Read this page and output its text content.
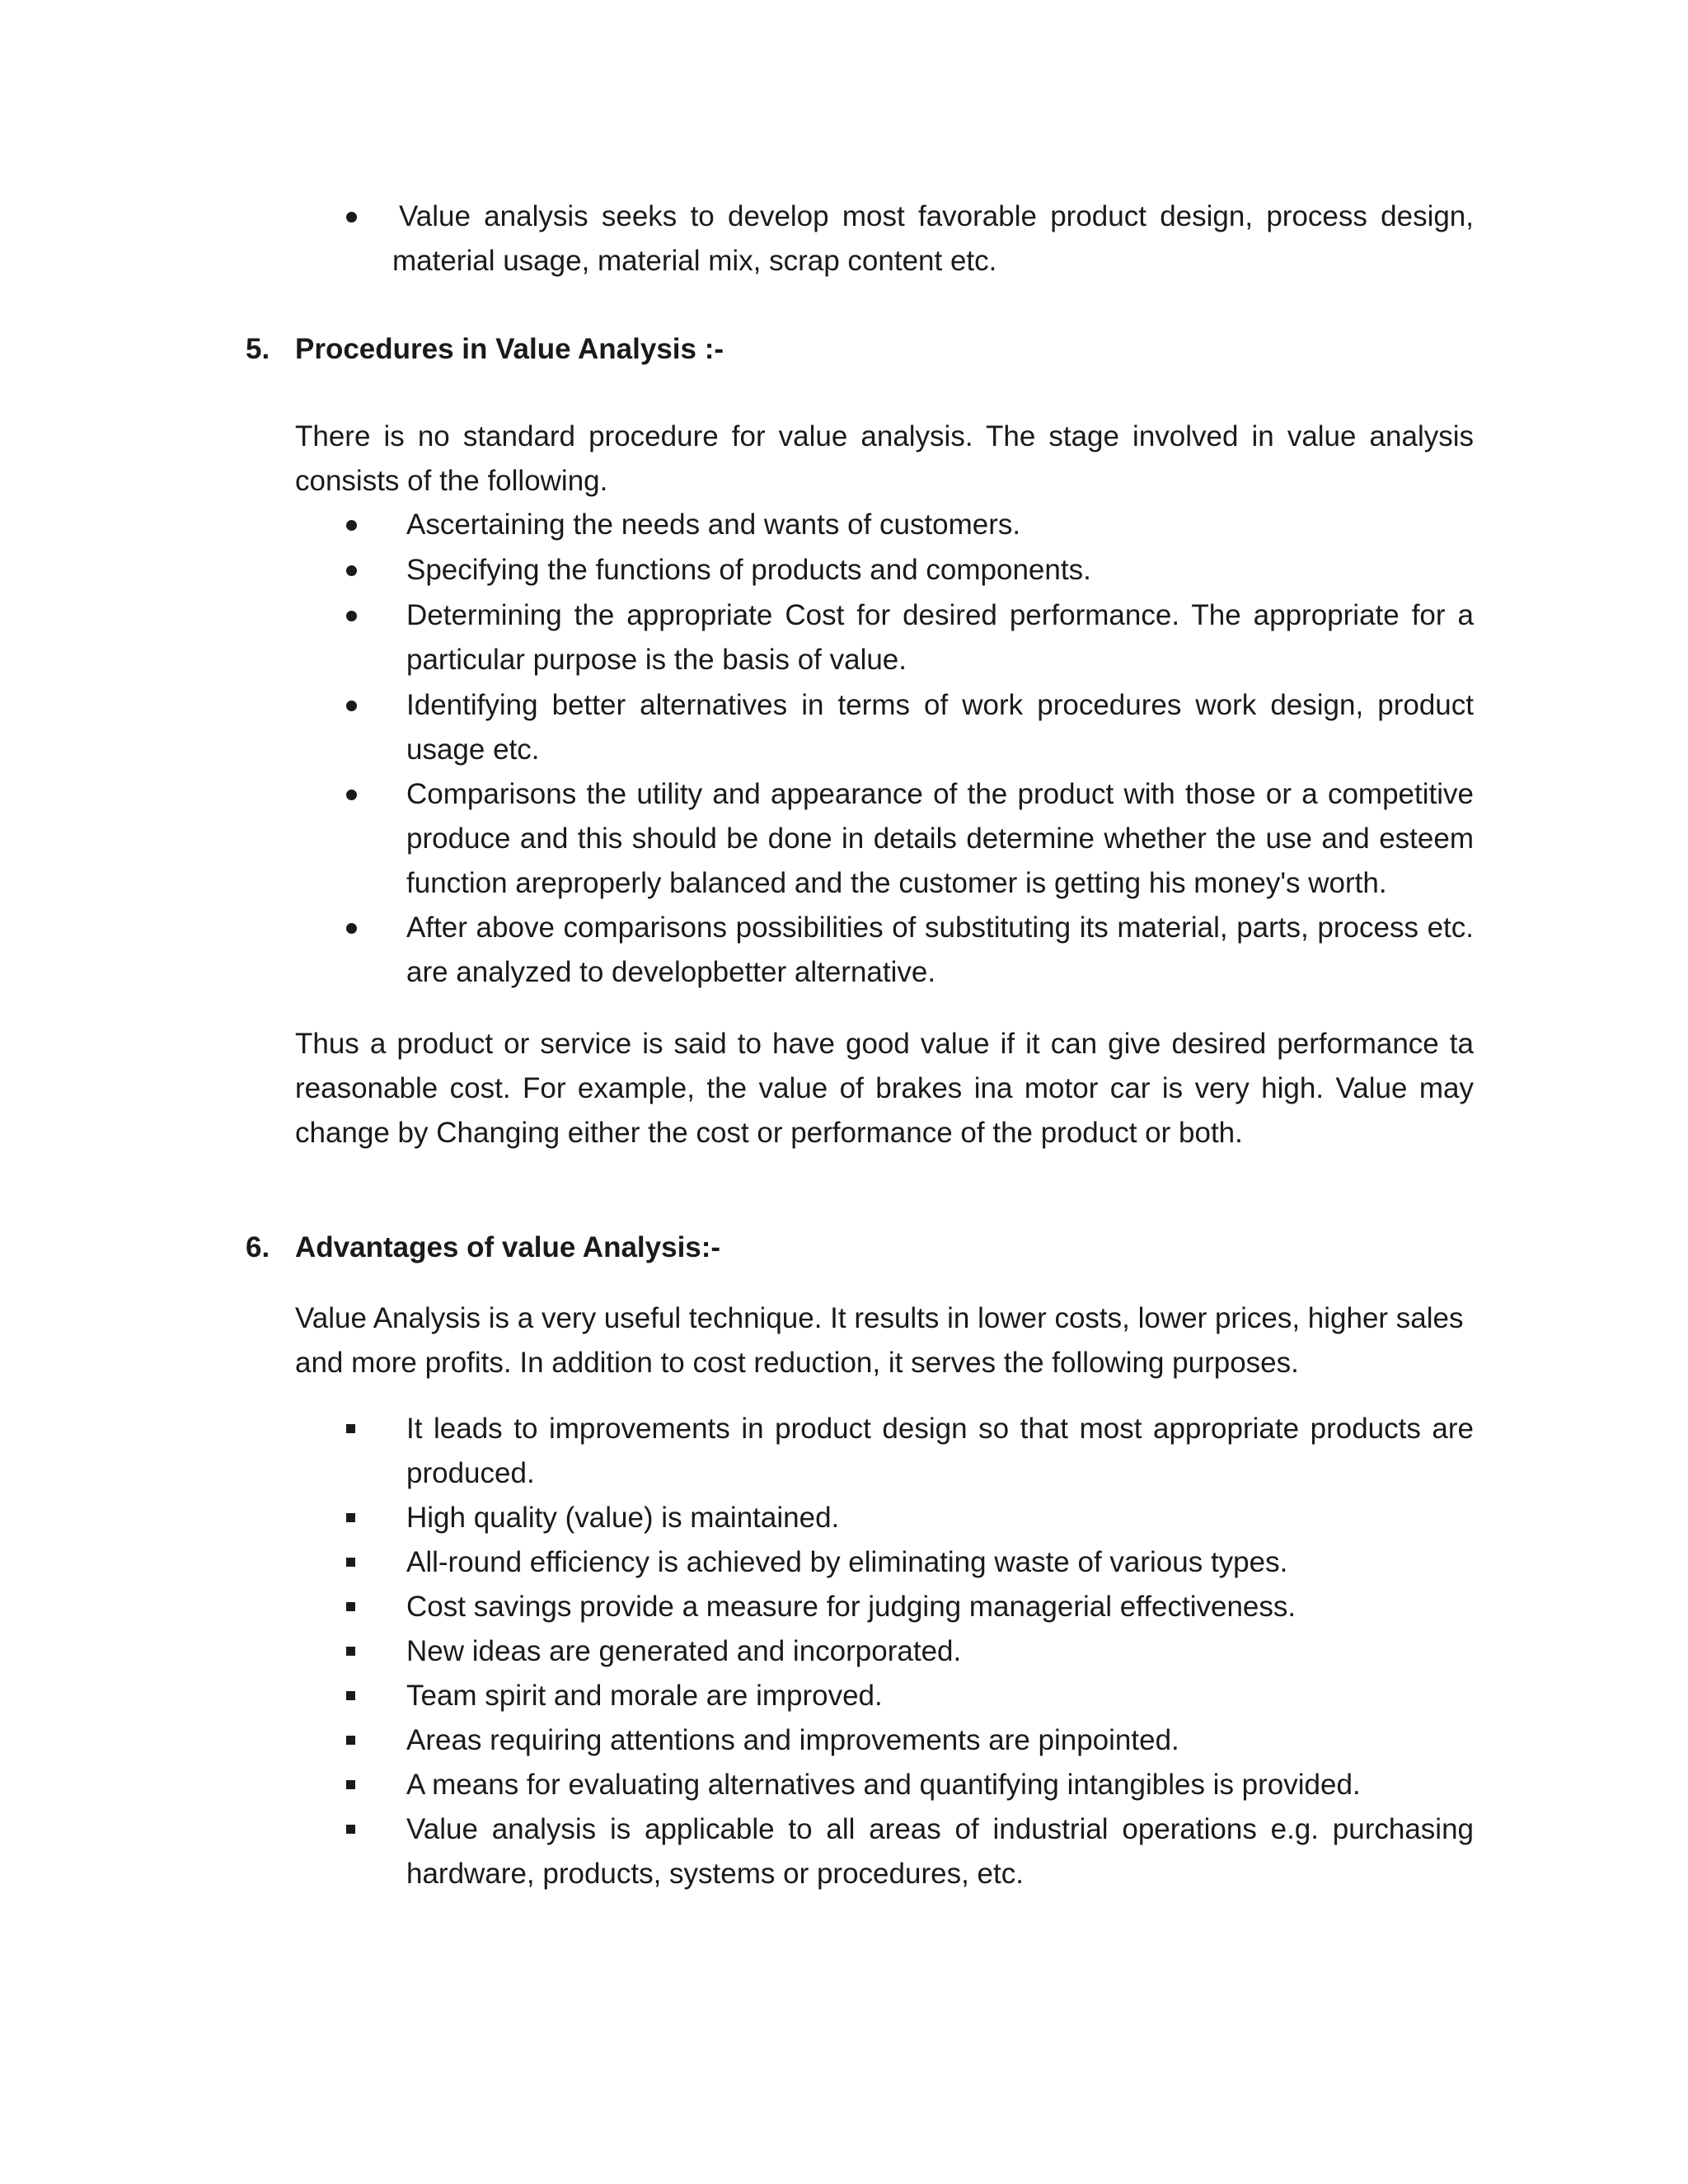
Value analysis seeks to develop most favorable product design, process design, material usage, material mix, scrap content etc.
5. Procedures in Value Analysis :-
There is no standard procedure for value analysis. The stage involved in value analysis consists of the following.
Ascertaining the needs and wants of customers.
Specifying the functions of products and components.
Determining the appropriate Cost for desired performance. The appropriate for a particular purpose is the basis of value.
Identifying better alternatives in terms of work procedures work design, product usage etc.
Comparisons the utility and appearance of the product with those or a competitive produce and this should be done in details determine whether the use and esteem function areproperly balanced and the customer is getting his money's worth.
After above comparisons possibilities of substituting its material, parts, process etc. are analyzed to developbetter alternative.
Thus a product or service is said to have good value if it can give desired performance ta reasonable cost. For example, the value of brakes ina motor car is very high. Value may change by Changing either the cost or performance of the product or both.
6. Advantages of value Analysis:-
Value Analysis is a very useful technique. It results in lower costs, lower prices, higher sales and more profits. In addition to cost reduction, it serves the following purposes.
It leads to improvements in product design so that most appropriate products are produced.
High quality (value) is maintained.
All-round efficiency is achieved by eliminating waste of various types.
Cost savings provide a measure for judging managerial effectiveness.
New ideas are generated and incorporated.
Team spirit and morale are improved.
Areas requiring attentions and improvements are pinpointed.
A means for evaluating alternatives and quantifying intangibles is provided.
Value analysis is applicable to all areas of industrial operations e.g. purchasing hardware, products, systems or procedures, etc.
